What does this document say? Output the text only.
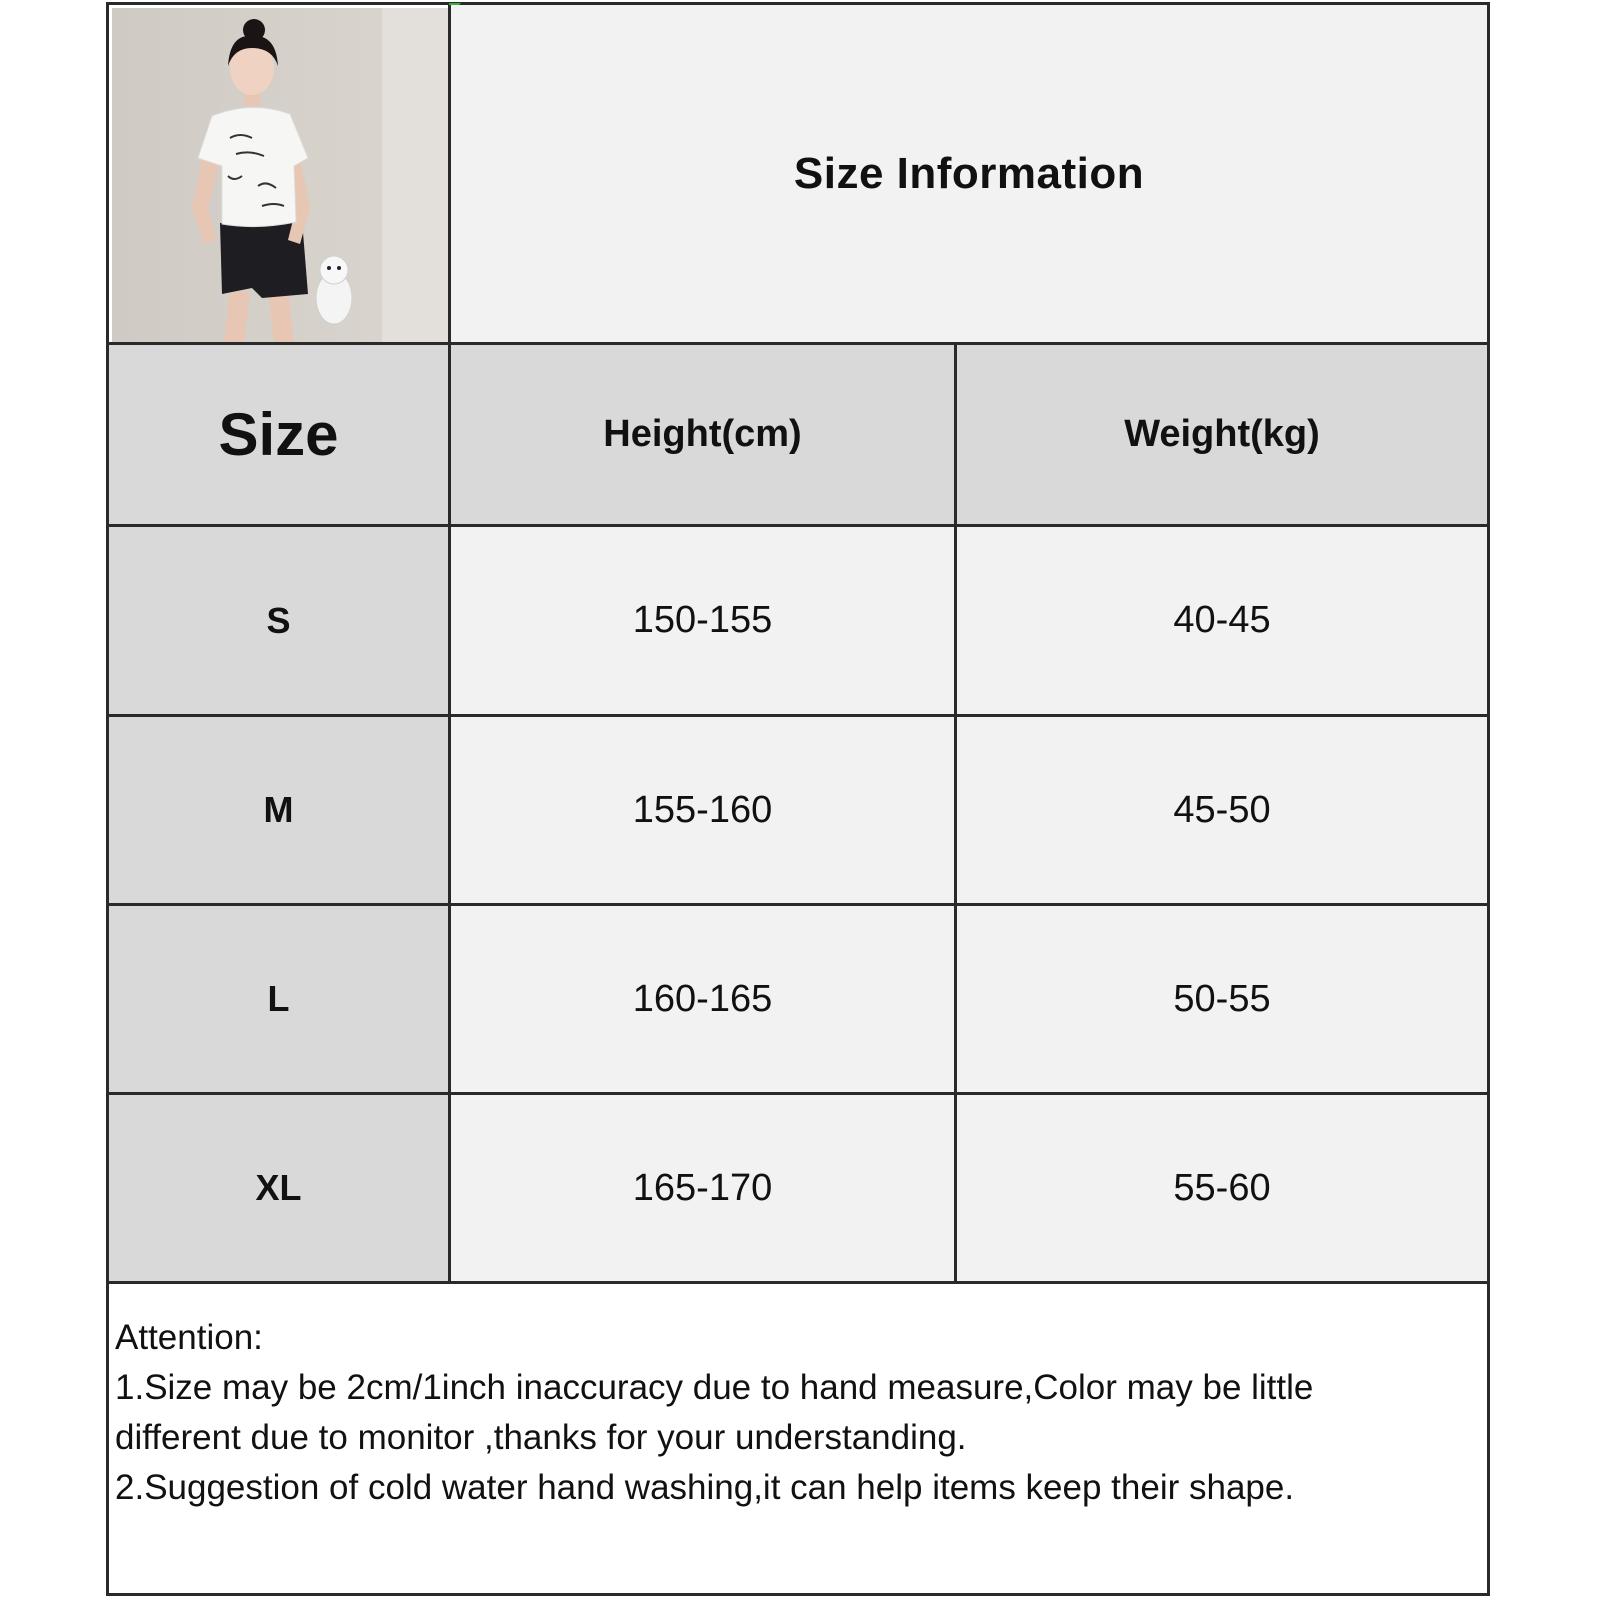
Size Information
Size	Height(cm)	Weight(kg)
S	150-155	40-45
M	155-160	45-50
L	160-165	50-55
XL	165-170	55-60
Attention:
1.Size may be 2cm/1inch inaccuracy due to hand measure,Color may be little
different due to monitor ,thanks for your understanding.
2.Suggestion of cold water hand washing,it can help items keep their shape.
